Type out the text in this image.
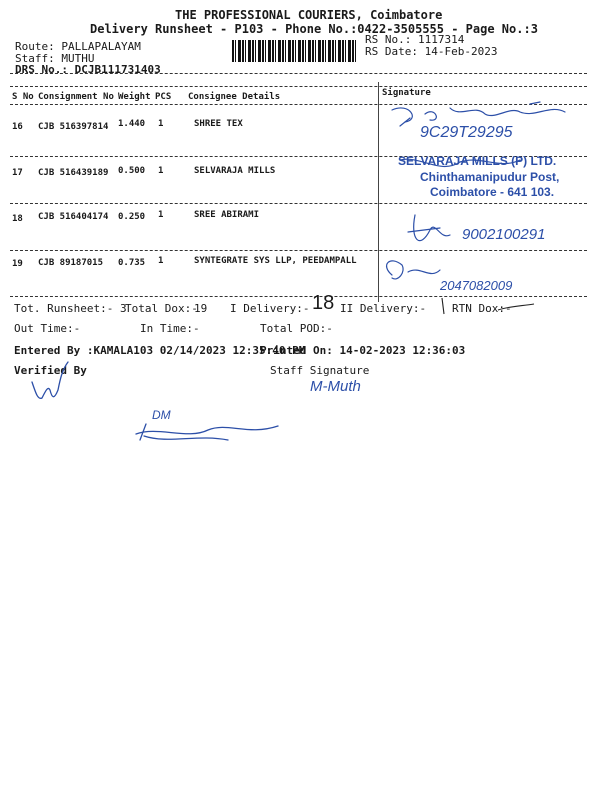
THE PROFESSIONAL COURIERS, Coimbatore
Delivery Runsheet - P103 - Phone No.:0422-3505555 - Page No.:3
Route: PALLAPALAYAM
Staff: MUTHU
DRS No.: DCJB111731403
RS No.: 1117314
RS Date: 14-Feb-2023
S No Consignment No Weight PCS Consignee Details	Signature
16 CJB 516397814 1.440 1	SHREE TEX	9C29T29295
17 CJB 516439189 0.500 1	SELVARAJA MILLS
SELVARAJA MILLS (P) LTD.
Chinthamanipudur Post,
Coimbatore - 641 103.
18 CJB 516404174 0.250 1	SREE ABIRAMI
9002100291
19 CJB 89187015 0.735 1	SYNTEGRATE SYS LLP, PEEDAMPALL
2047082009
Tot. Runsheet:- 3
Total Dox:-
19 I Delivery:- 18 II Delivery:- RTN Dox:-
Out Time:-	In Time:-	Total POD:-
Entered By :KAMALA103 02/14/2023 12:35:40 PM
Printed On: 14-02-2023 12:36:03
Verified By	Staff Signature
M-Muth
DM
